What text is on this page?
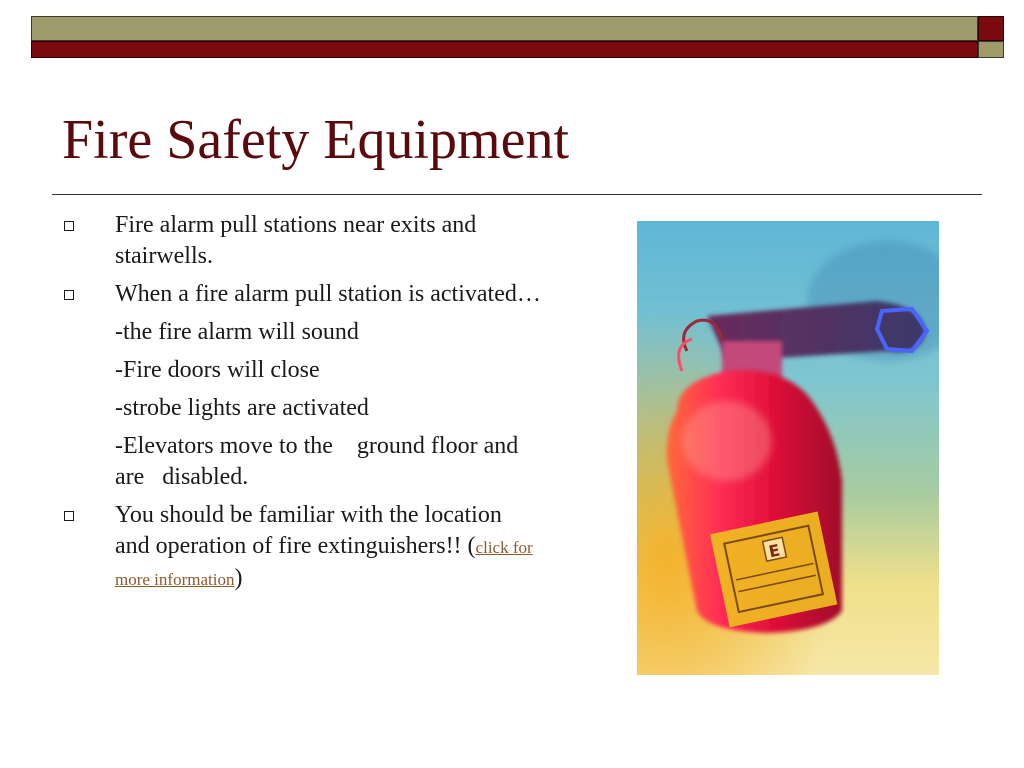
Fire Safety Equipment
Fire alarm pull stations near exits and stairwells.
When a fire alarm pull station is activated…
-the fire alarm will sound
-Fire doors will close
-strobe lights are activated
-Elevators move to the    ground floor and are   disabled.
You should be familiar with the location and operation of fire extinguishers!! (click for more information)
E
